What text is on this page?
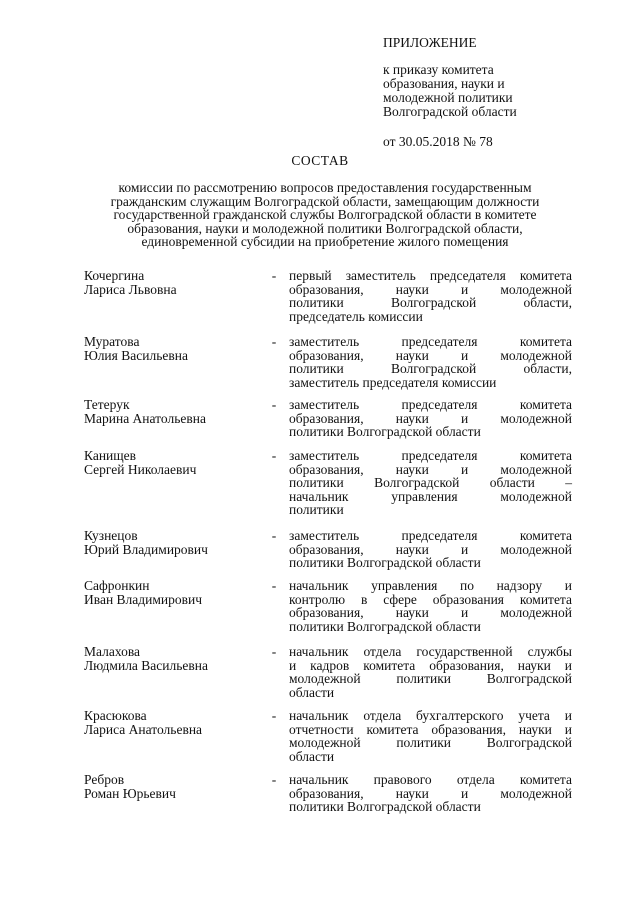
ПРИЛОЖЕНИЕ
к приказу комитета
образования, науки и
молодежной политики
Волгоградской области
от 30.05.2018 № 78
СОСТАВ
комиссии по рассмотрению вопросов предоставления государственным
гражданским служащим Волгоградской области, замещающим должности
государственной гражданской службы Волгоградской области в комитете
образования, науки и молодежной политики Волгоградской области,
единовременной субсидии на приобретение жилого помещения
Кочергина
Лариса Львовна
- первый заместитель председателя комитета
образования, науки и молодежной
политики Волгоградской области,
председатель комиссии
Муратова
Юлия Васильевна
- заместитель председателя комитета
образования, науки и молодежной
политики Волгоградской области,
заместитель председателя комиссии
Тетерук
Марина Анатольевна
- заместитель председателя комитета
образования, науки и молодежной
политики Волгоградской области
Канищев
Сергей Николаевич
- заместитель председателя комитета
образования, науки и молодежной
политики Волгоградской области –
начальник управления молодежной
политики
Кузнецов
Юрий Владимирович
- заместитель председателя комитета
образования, науки и молодежной
политики Волгоградской области
Сафронкин
Иван Владимирович
- начальник управления по надзору и
контролю в сфере образования комитета
образования, науки и молодежной
политики Волгоградской области
Малахова
Людмила Васильевна
- начальник отдела государственной службы
и кадров комитета образования, науки и
молодежной политики Волгоградской
области
Красюкова
Лариса Анатольевна
- начальник отдела бухгалтерского учета и
отчетности комитета образования, науки и
молодежной политики Волгоградской
области
Ребров
Роман Юрьевич
- начальник правового отдела комитета
образования, науки и молодежной
политики Волгоградской области
